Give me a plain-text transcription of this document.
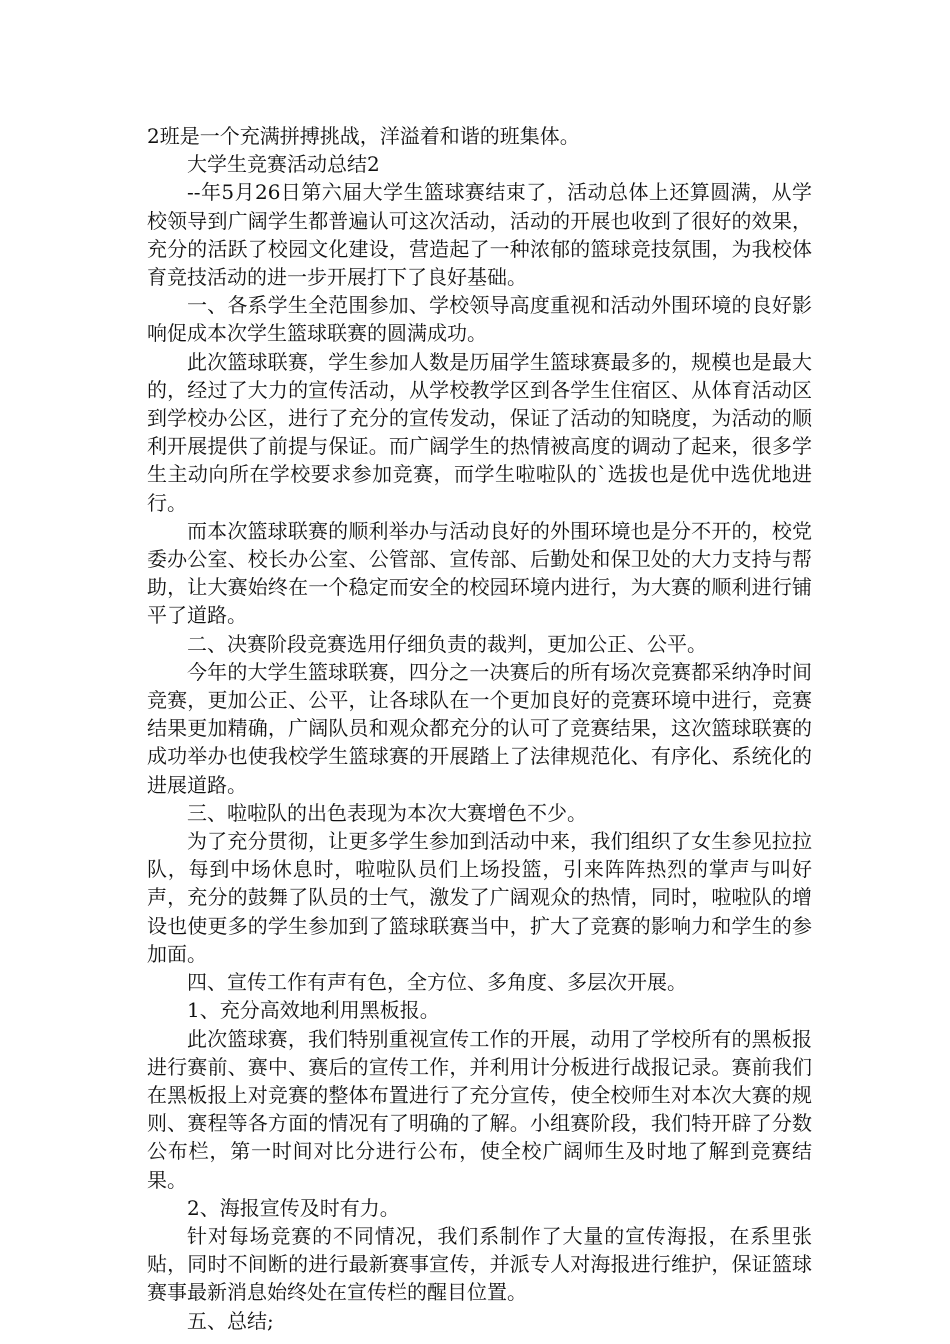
2班是一个充满拼搏挑战，洋溢着和谐的班集体。

大学生竞赛活动总结2

--年5月26日第六届大学生篮球赛结束了，活动总体上还算圆满，从学校领导到广阔学生都普遍认可这次活动，活动的开展也收到了很好的效果，充分的活跃了校园文化建设，营造起了一种浓郁的篮球竞技氛围，为我校体育竞技活动的进一步开展打下了良好基础。

一、各系学生全范围参加、学校领导高度重视和活动外围环境的良好影响促成本次学生篮球联赛的圆满成功。

此次篮球联赛，学生参加人数是历届学生篮球赛最多的，规模也是最大的，经过了大力的宣传活动，从学校教学区到各学生住宿区、从体育活动区到学校办公区，进行了充分的宣传发动，保证了活动的知晓度，为活动的顺利开展提供了前提与保证。而广阔学生的热情被高度的调动了起来，很多学生主动向所在学校要求参加竞赛，而学生啦啦队的`选拔也是优中选优地进行。

而本次篮球联赛的顺利举办与活动良好的外围环境也是分不开的，校党委办公室、校长办公室、公管部、宣传部、后勤处和保卫处的大力支持与帮助，让大赛始终在一个稳定而安全的校园环境内进行，为大赛的顺利进行铺平了道路。

二、决赛阶段竞赛选用仔细负责的裁判，更加公正、公平。

今年的大学生篮球联赛，四分之一决赛后的所有场次竞赛都采纳净时间竞赛，更加公正、公平，让各球队在一个更加良好的竞赛环境中进行，竞赛结果更加精确，广阔队员和观众都充分的认可了竞赛结果，这次篮球联赛的成功举办也使我校学生篮球赛的开展踏上了法律规范化、有序化、系统化的进展道路。

三、啦啦队的出色表现为本次大赛增色不少。

为了充分贯彻，让更多学生参加到活动中来，我们组织了女生参见拉拉队，每到中场休息时，啦啦队员们上场投篮，引来阵阵热烈的掌声与叫好声，充分的鼓舞了队员的士气，激发了广阔观众的热情，同时，啦啦队的增设也使更多的学生参加到了篮球联赛当中，扩大了竞赛的影响力和学生的参加面。

四、宣传工作有声有色，全方位、多角度、多层次开展。

1、充分高效地利用黑板报。

此次篮球赛，我们特别重视宣传工作的开展，动用了学校所有的黑板报进行赛前、赛中、赛后的宣传工作，并利用计分板进行战报记录。赛前我们在黑板报上对竞赛的整体布置进行了充分宣传，使全校师生对本次大赛的规则、赛程等各方面的情况有了明确的了解。小组赛阶段，我们特开辟了分数公布栏，第一时间对比分进行公布，使全校广阔师生及时地了解到竞赛结果。

2、海报宣传及时有力。

针对每场竞赛的不同情况，我们系制作了大量的宣传海报，在系里张贴，同时不间断的进行最新赛事宣传，并派专人对海报进行维护，保证篮球赛事最新消息始终处在宣传栏的醒目位置。

五、总结;
